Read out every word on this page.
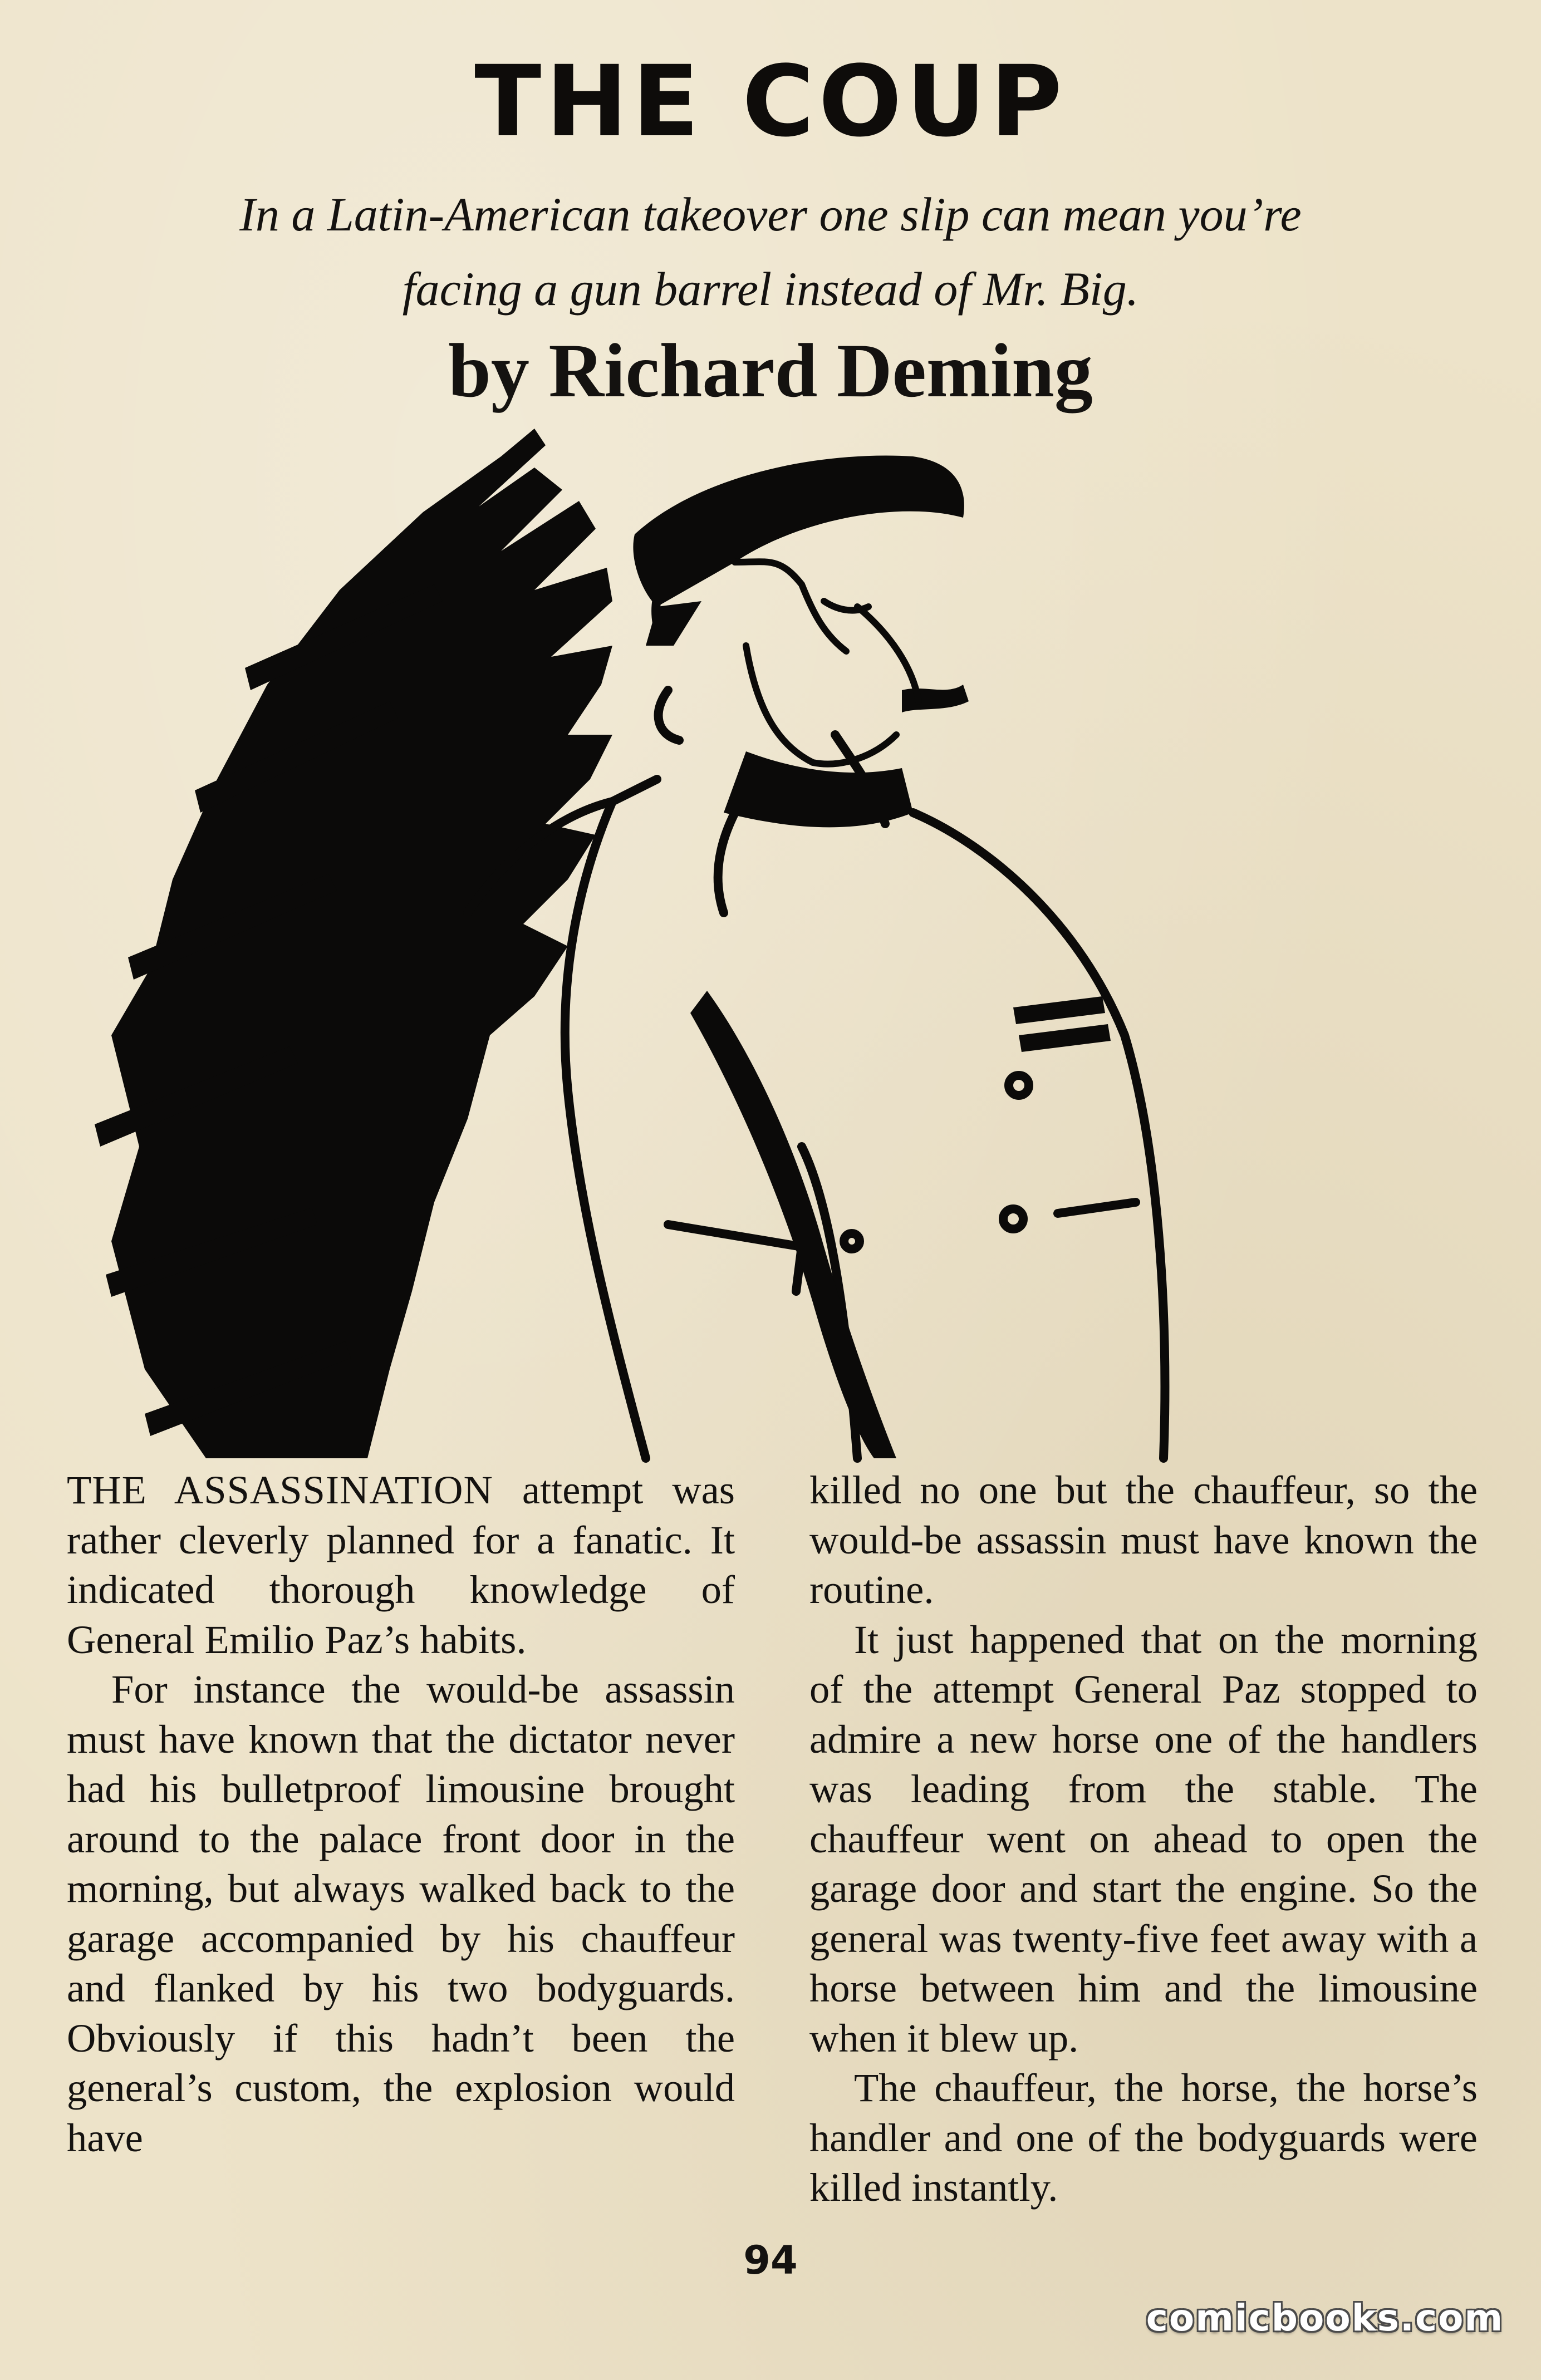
THE COUP
In a Latin-American takeover one slip can mean you’re
facing a gun barrel instead of Mr. Big.
by Richard Deming

THE ASSASSINATION attempt was rather cleverly planned for a fanatic. It indicated thorough knowledge of General Emilio Paz’s habits.

For instance the would-be assassin must have known that the dictator never had his bulletproof limousine brought around to the palace front door in the morning, but always walked back to the garage accompanied by his chauffeur and flanked by his two bodyguards. Obviously if this hadn’t been the general’s custom, the explosion would have

killed no one but the chauffeur, so the would-be assassin must have known the routine.

It just happened that on the morning of the attempt General Paz stopped to admire a new horse one of the handlers was leading from the stable. The chauffeur went on ahead to open the garage door and start the engine. So the general was twenty-five feet away with a horse between him and the limousine when it blew up.

The chauffeur, the horse, the horse’s handler and one of the bodyguards were killed instantly.

94
comicbooks.com
